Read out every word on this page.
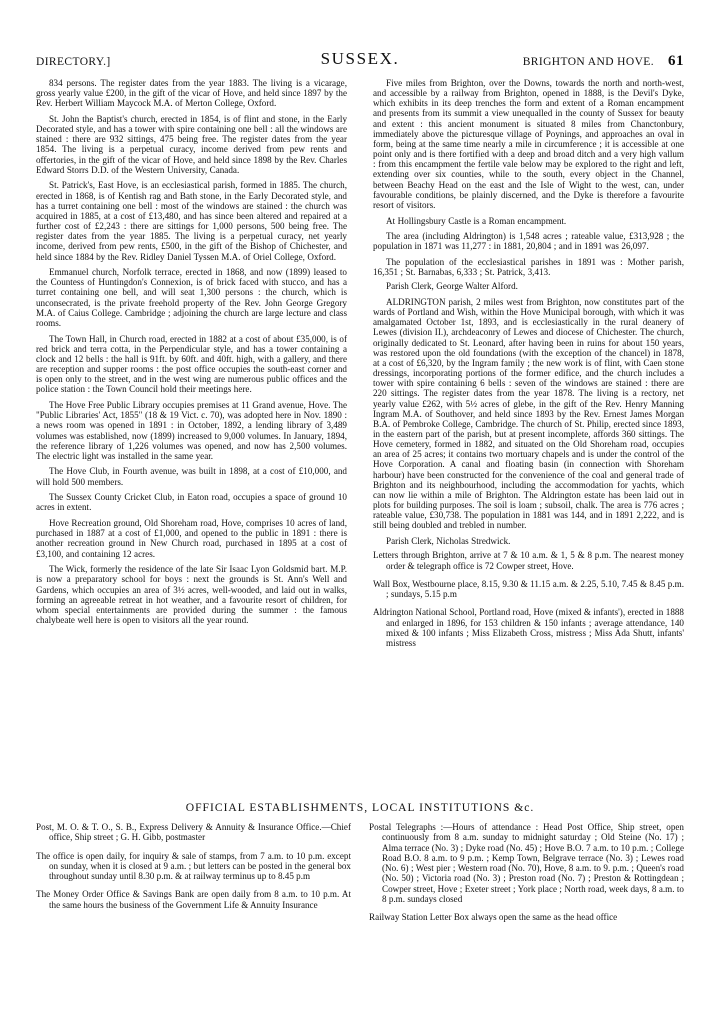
DIRECTORY.]	SUSSEX.	BRIGHTON AND HOVE. 61

834 persons. The register dates from the year 1883. The living is a vicarage, gross yearly value £200, in the gift of the vicar of Hove, and held since 1897 by the Rev. Herbert William Maycock M.A. of Merton College, Oxford.

St. John the Baptist's church, erected in 1854, is of flint and stone, in the Early Decorated style, and has a tower with spire containing one bell : all the windows are stained : there are 932 sittings, 475 being free. The register dates from the year 1854. The living is a perpetual curacy, income derived from pew rents and offertories, in the gift of the vicar of Hove, and held since 1898 by the Rev. Charles Edward Storrs D.D. of the Western University, Canada.

St. Patrick's, East Hove, is an ecclesiastical parish, formed in 1885. The church, erected in 1868, is of Kentish rag and Bath stone, in the Early Decorated style, and has a turret containing one bell : most of the windows are stained : the church was acquired in 1885, at a cost of £13,480, and has since been altered and repaired at a further cost of £2,243 : there are sittings for 1,000 persons, 500 being free. The register dates from the year 1885. The living is a perpetual curacy, net yearly income, derived from pew rents, £500, in the gift of the Bishop of Chichester, and held since 1884 by the Rev. Ridley Daniel Tyssen M.A. of Oriel College, Oxford.

Emmanuel church, Norfolk terrace, erected in 1868, and now (1899) leased to the Countess of Huntingdon's Connexion, is of brick faced with stucco, and has a turret containing one bell, and will seat 1,300 persons : the church, which is unconsecrated, is the private freehold property of the Rev. John George Gregory M.A. of Caius College. Cambridge ; adjoining the church are large lecture and class rooms.

The Town Hall, in Church road, erected in 1882 at a cost of about £35,000, is of red brick and terra cotta, in the Perpendicular style, and has a tower containing a clock and 12 bells : the hall is 91ft. by 60ft. and 40ft. high, with a gallery, and there are reception and supper rooms : the post office occupies the south-east corner and is open only to the street, and in the west wing are numerous public offices and the police station : the Town Council hold their meetings here.

The Hove Free Public Library occupies premises at 11 Grand avenue, Hove. The "Public Libraries' Act, 1855" (18 & 19 Vict. c. 70), was adopted here in Nov. 1890 : a news room was opened in 1891 : in October, 1892, a lending library of 3,489 volumes was established, now (1899) increased to 9,000 volumes. In January, 1894, the reference library of 1,226 volumes was opened, and now has 2,500 volumes. The electric light was installed in the same year.

The Hove Club, in Fourth avenue, was built in 1898, at a cost of £10,000, and will hold 500 members.

The Sussex County Cricket Club, in Eaton road, occupies a space of ground 10 acres in extent.

Hove Recreation ground, Old Shoreham road, Hove, comprises 10 acres of land, purchased in 1887 at a cost of £1,000, and opened to the public in 1891 : there is another recreation ground in New Church road, purchased in 1895 at a cost of £3,100, and containing 12 acres.

The Wick, formerly the residence of the late Sir Isaac Lyon Goldsmid bart. M.P. is now a preparatory school for boys : next the grounds is St. Ann's Well and Gardens, which occupies an area of 3½ acres, well-wooded, and laid out in walks, forming an agreeable retreat in hot weather, and a favourite resort of children, for whom special entertainments are provided during the summer : the famous chalybeate well here is open to visitors all the year round.

Five miles from Brighton, over the Downs, towards the north and north-west, and accessible by a railway from Brighton, opened in 1888, is the Devil's Dyke, which exhibits in its deep trenches the form and extent of a Roman encampment and presents from its summit a view unequalled in the county of Sussex for beauty and extent : this ancient monument is situated 8 miles from Chanctonbury, immediately above the picturesque village of Poynings, and approaches an oval in form, being at the same time nearly a mile in circumference ; it is accessible at one point only and is there fortified with a deep and broad ditch and a very high vallum : from this encampment the fertile vale below may be explored to the right and left, extending over six counties, while to the south, every object in the Channel, between Beachy Head on the east and the Isle of Wight to the west, can, under favourable conditions, be plainly discerned, and the Dyke is therefore a favourite resort of visitors.

At Hollingsbury Castle is a Roman encampment.

The area (including Aldrington) is 1,548 acres ; rateable value, £313,928 ; the population in 1871 was 11,277 : in 1881, 20,804 ; and in 1891 was 26,097.

The population of the ecclesiastical parishes in 1891 was : Mother parish, 16,351 ; St. Barnabas, 6,333 ; St. Patrick, 3,413.

Parish Clerk, George Walter Alford.

ALDRINGTON parish, 2 miles west from Brighton, now constitutes part of the wards of Portland and Wish, within the Hove Municipal borough, with which it was amalgamated October 1st, 1893, and is ecclesiastically in the rural deanery of Lewes (division II.), archdeaconry of Lewes and diocese of Chichester. The church, originally dedicated to St. Leonard, after having been in ruins for about 150 years, was restored upon the old foundations (with the exception of the chancel) in 1878, at a cost of £6,320, by the Ingram family ; the new work is of flint, with Caen stone dressings, incorporating portions of the former edifice, and the church includes a tower with spire containing 6 bells : seven of the windows are stained : there are 220 sittings. The register dates from the year 1878. The living is a rectory, net yearly value £262, with 5½ acres of glebe, in the gift of the Rev. Henry Manning Ingram M.A. of Southover, and held since 1893 by the Rev. Ernest James Morgan B.A. of Pembroke College, Cambridge. The church of St. Philip, erected since 1893, in the eastern part of the parish, but at present incomplete, affords 360 sittings. The Hove cemetery, formed in 1882, and situated on the Old Shoreham road, occupies an area of 25 acres; it contains two mortuary chapels and is under the control of the Hove Corporation. A canal and floating basin (in connection with Shoreham harbour) have been constructed for the convenience of the coal and general trade of Brighton and its neighbourhood, including the accommodation for yachts, which can now lie within a mile of Brighton. The Aldrington estate has been laid out in plots for building purposes. The soil is loam ; subsoil, chalk. The area is 776 acres ; rateable value, £30,738. The population in 1881 was 144, and in 1891 2,222, and is still being doubled and trebled in number.

Parish Clerk, Nicholas Stredwick.

Letters through Brighton, arrive at 7 & 10 a.m. & 1, 5 & 8 p.m. The nearest money order & telegraph office is 72 Cowper street, Hove.

Wall Box, Westbourne place, 8.15, 9.30 & 11.15 a.m. & 2.25, 5.10, 7.45 & 8.45 p.m. ; sundays, 5.15 p.m

Aldrington National School, Portland road, Hove (mixed & infants'), erected in 1888 and enlarged in 1896, for 153 children & 150 infants ; average attendance, 140 mixed & 100 infants ; Miss Elizabeth Cross, mistress ; Miss Ada Shutt, infants' mistress

OFFICIAL ESTABLISHMENTS, LOCAL INSTITUTIONS &c.

Post, M. O. & T. O., S. B., Express Delivery & Annuity & Insurance Office.—Chief office, Ship street ; G. H. Gibb, postmaster

The office is open daily, for inquiry & sale of stamps, from 7 a.m. to 10 p.m. except on sunday, when it is closed at 9 a.m. ; but letters can be posted in the general box throughout sunday until 8.30 p.m. & at railway terminus up to 8.45 p.m

The Money Order Office & Savings Bank are open daily from 8 a.m. to 10 p.m. At the same hours the business of the Government Life & Annuity Insurance

Postal Telegraphs :—Hours of attendance : Head Post Office, Ship street, open continuously from 8 a.m. sunday to midnight saturday ; Old Steine (No. 17) ; Alma terrace (No. 3) ; Dyke road (No. 45) ; Hove B.O. 7 a.m. to 10 p.m. ; College Road B.O. 8 a.m. to 9 p.m. ; Kemp Town, Belgrave terrace (No. 3) ; Lewes road (No. 6) ; West pier ; Western road (No. 70), Hove, 8 a.m. to 9. p.m. ; Queen's road (No. 50) ; Victoria road (No. 3) ; Preston road (No. 7) ; Preston & Rottingdean ; Cowper street, Hove ; Exeter street ; York place ; North road, week days, 8 a.m. to 8 p.m. sundays closed

Railway Station Letter Box always open the same as the head office
